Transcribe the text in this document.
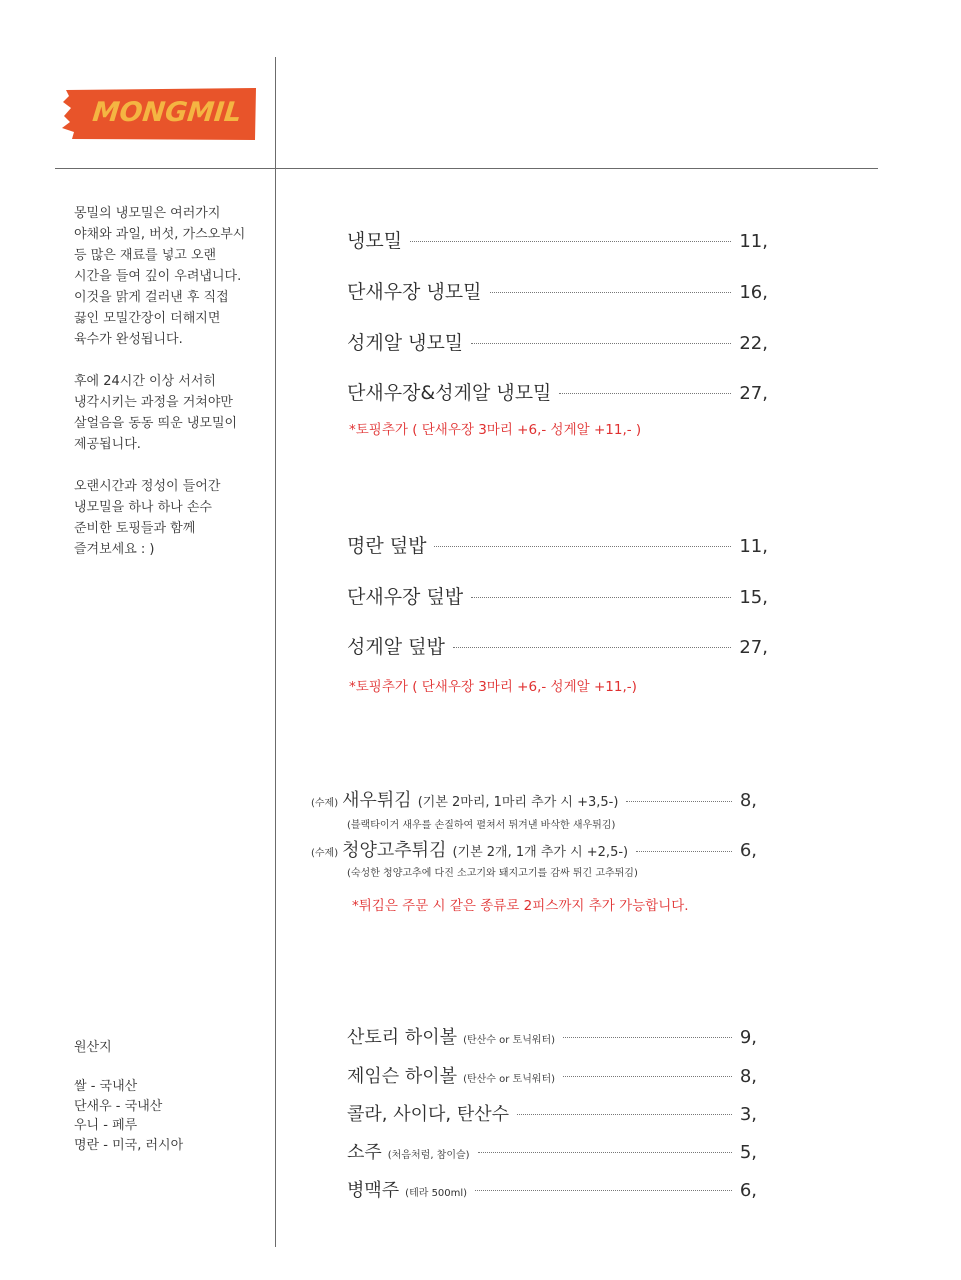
MONGMIL

몽밀의 냉모밀은 여러가지
야채와 과일, 버섯, 가스오부시
등 많은 재료를 넣고 오랜
시간을 들여 깊이 우려냅니다.
이것을 맑게 걸러낸 후 직접
끓인 모밀간장이 더해지면
육수가 완성됩니다.

후에 24시간 이상 서서히
냉각시키는 과정을 거쳐야만
살얼음을 동동 띄운 냉모밀이
제공됩니다.

오랜시간과 정성이 들어간
냉모밀을 하나 하나 손수
준비한 토핑들과 함께
즐겨보세요 : )

원산지
쌀 - 국내산
단새우 - 국내산
우니 - 페루
명란 - 미국, 러시아
냉모밀	11,
단새우장 냉모밀	16,
성게알 냉모밀	22,
단새우장&성게알 냉모밀	27,
*토핑추가 ( 단새우장 3마리 +6,- 성게알 +11,- )
명란 덮밥	11,
단새우장 덮밥	15,
성게알 덮밥	27,
*토핑추가 ( 단새우장 3마리 +6,- 성게알 +11,-)
(수제) 새우튀김 (기본 2마리, 1마리 추가 시 +3,5-)	8,
(블랙타이거 새우를 손질하여 펼쳐서 튀겨낸 바삭한 새우튀김)
(수제) 청양고추튀김 (기본 2개, 1개 추가 시 +2,5-)	6,
(숙성한 청양고추에 다진 소고기와 돼지고기를 감싸 튀긴 고추튀김)
*튀김은 주문 시 같은 종류로 2피스까지 추가 가능합니다.
산토리 하이볼 (탄산수 or 토닉워터)	9,
제임슨 하이볼 (탄산수 or 토닉워터)	8,
콜라, 사이다, 탄산수	3,
소주 (처음처럼, 참이슬)	5,
병맥주 (테라 500ml)	6,
